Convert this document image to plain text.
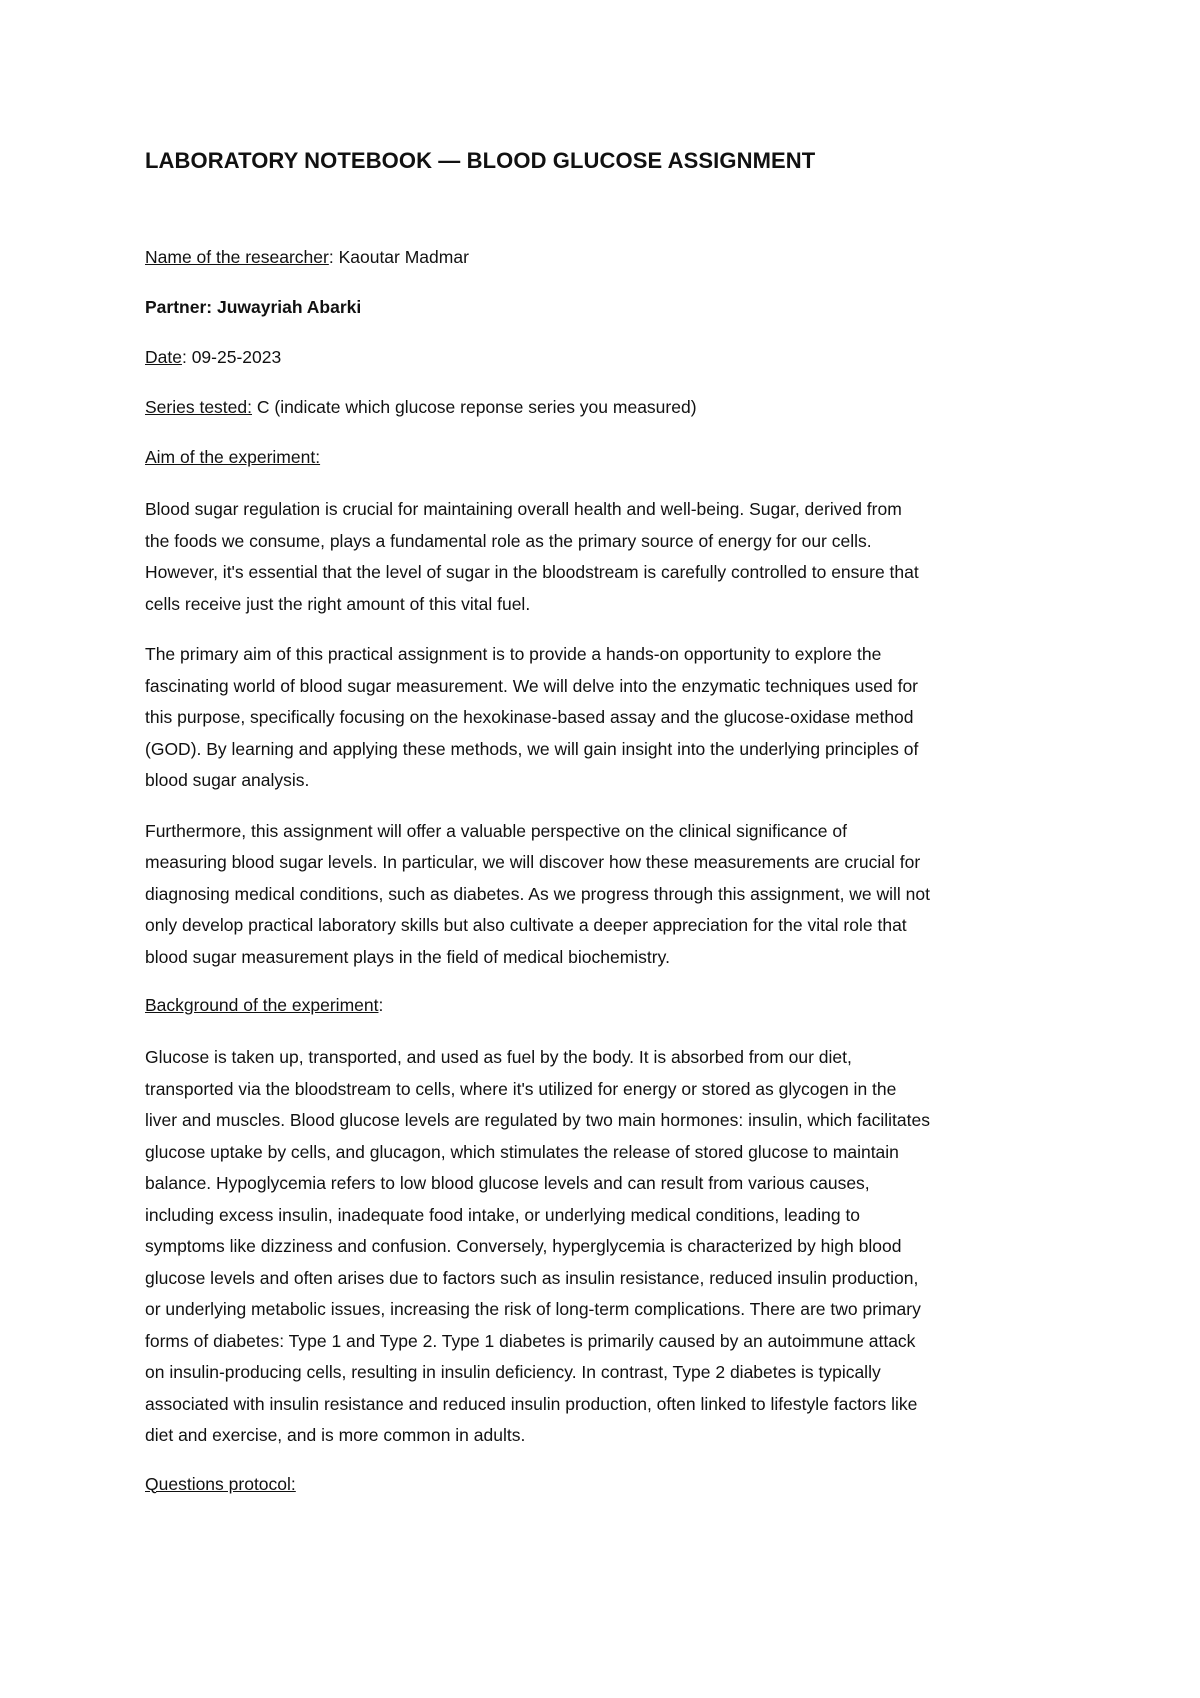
LABORATORY NOTEBOOK — BLOOD GLUCOSE ASSIGNMENT
Name of the researcher: Kaoutar Madmar
Partner: Juwayriah Abarki
Date: 09-25-2023
Series tested: C (indicate which glucose reponse series you measured)
Aim of the experiment:

Blood sugar regulation is crucial for maintaining overall health and well-being. Sugar, derived from
the foods we consume, plays a fundamental role as the primary source of energy for our cells.
However, it's essential that the level of sugar in the bloodstream is carefully controlled to ensure that
cells receive just the right amount of this vital fuel.

The primary aim of this practical assignment is to provide a hands-on opportunity to explore the
fascinating world of blood sugar measurement. We will delve into the enzymatic techniques used for
this purpose, specifically focusing on the hexokinase-based assay and the glucose-oxidase method
(GOD). By learning and applying these methods, we will gain insight into the underlying principles of
blood sugar analysis.

Furthermore, this assignment will offer a valuable perspective on the clinical significance of
measuring blood sugar levels. In particular, we will discover how these measurements are crucial for
diagnosing medical conditions, such as diabetes. As we progress through this assignment, we will not
only develop practical laboratory skills but also cultivate a deeper appreciation for the vital role that
blood sugar measurement plays in the field of medical biochemistry.

Background of the experiment:

Glucose is taken up, transported, and used as fuel by the body. It is absorbed from our diet,
transported via the bloodstream to cells, where it's utilized for energy or stored as glycogen in the
liver and muscles. Blood glucose levels are regulated by two main hormones: insulin, which facilitates
glucose uptake by cells, and glucagon, which stimulates the release of stored glucose to maintain
balance. Hypoglycemia refers to low blood glucose levels and can result from various causes,
including excess insulin, inadequate food intake, or underlying medical conditions, leading to
symptoms like dizziness and confusion. Conversely, hyperglycemia is characterized by high blood
glucose levels and often arises due to factors such as insulin resistance, reduced insulin production,
or underlying metabolic issues, increasing the risk of long-term complications. There are two primary
forms of diabetes: Type 1 and Type 2. Type 1 diabetes is primarily caused by an autoimmune attack
on insulin-producing cells, resulting in insulin deficiency. In contrast, Type 2 diabetes is typically
associated with insulin resistance and reduced insulin production, often linked to lifestyle factors like
diet and exercise, and is more common in adults.

Questions protocol:
